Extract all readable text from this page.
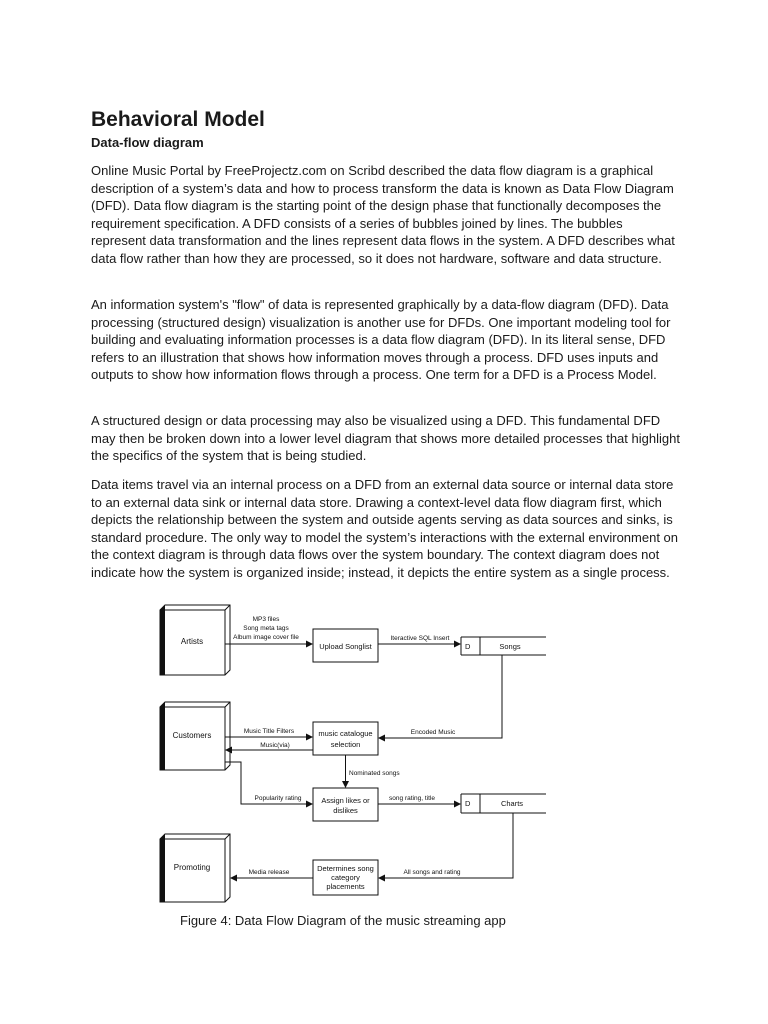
Behavioral Model
Data-flow diagram

Online Music Portal by FreeProjectz.com on Scribd described the data flow diagram is a graphical description of a system’s data and how to process transform the data is known as Data Flow Diagram (DFD). Data flow diagram is the starting point of the design phase that functionally decomposes the requirement specification. A DFD consists of a series of bubbles joined by lines. The bubbles represent data transformation and the lines represent data flows in the system. A DFD describes what data flow rather than how they are processed, so it does not hardware, software and data structure.

An information system's "flow" of data is represented graphically by a data-flow diagram (DFD). Data processing (structured design) visualization is another use for DFDs. One important modeling tool for building and evaluating information processes is a data flow diagram (DFD). In its literal sense, DFD refers to an illustration that shows how information moves through a process. DFD uses inputs and outputs to show how information flows through a process. One term for a DFD is a Process Model.

A structured design or data processing may also be visualized using a DFD. This fundamental DFD may then be broken down into a lower level diagram that shows more detailed processes that highlight the specifics of the system that is being studied.

Data items travel via an internal process on a DFD from an external data source or internal data store to an external data sink or internal data store. Drawing a context-level data flow diagram first, which depicts the relationship between the system and outside agents serving as data sources and sinks, is standard procedure. The only way to model the system’s interactions with the external environment on the context diagram is through data flows over the system boundary. The context diagram does not indicate how the system is organized inside; instead, it depicts the entire system as a single process.

Artists
Customers
Promoting
Upload Songlist
music catalogue
selection
Assign likes or
dislikes
Determines song
category
placements
D	Songs
D	Charts
MP3 files
Song meta tags
Album image cover file	Iteractive SQL Insert
Encoded Music
Music Title Filters
Music(via)
Nominated songs
Popularity rating	song rating, title
All songs and rating
Media release
Figure 4: Data Flow Diagram of the music streaming app
